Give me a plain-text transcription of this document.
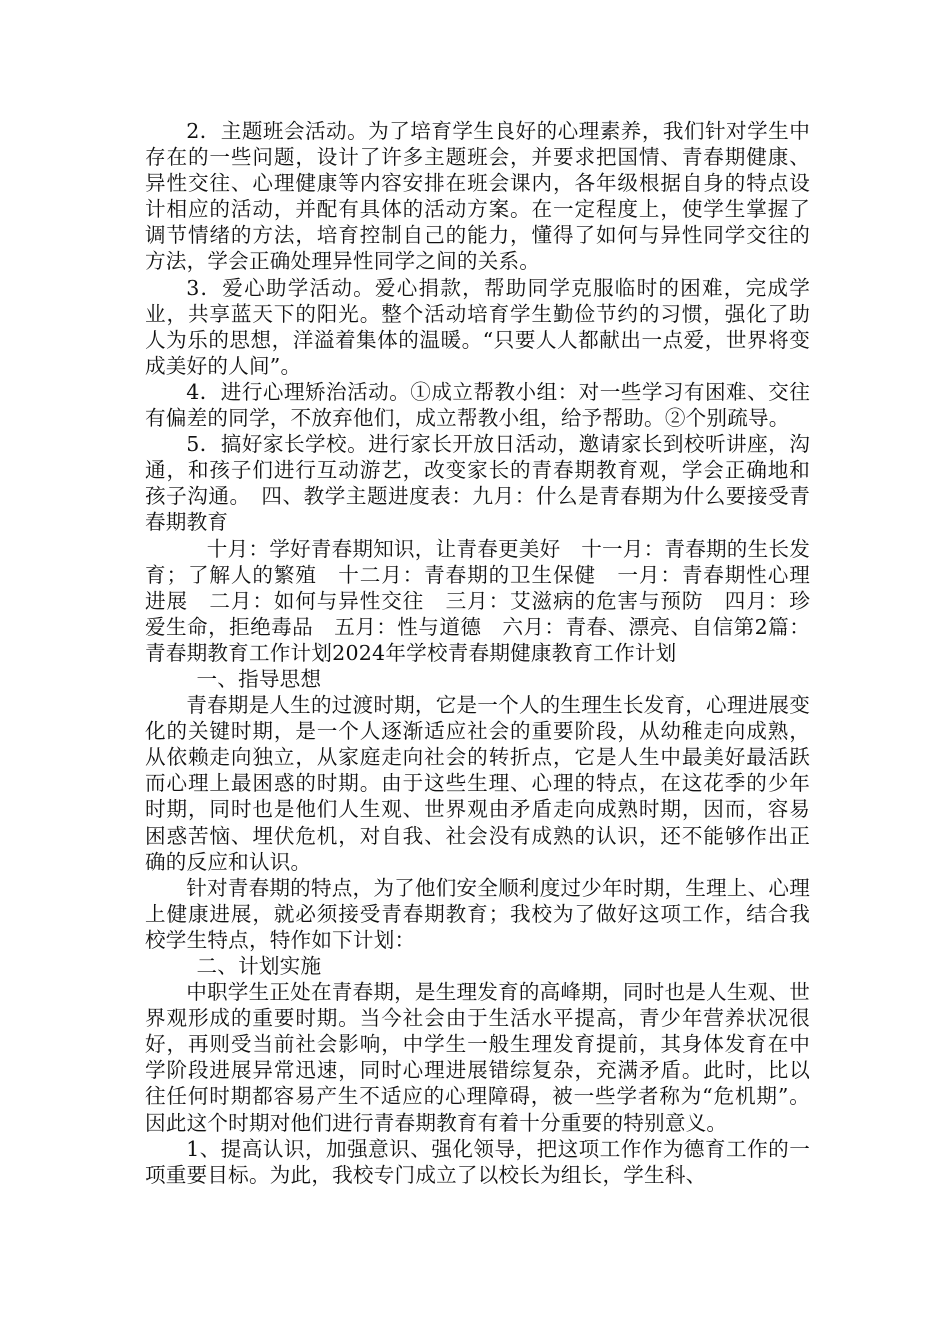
2．主题班会活动。为了培育学生良好的心理素养，我们针对学生中存在的一些问题，设计了许多主题班会，并要求把国情、青春期健康、异性交往、心理健康等内容安排在班会课内，各年级根据自身的特点设计相应的活动，并配有具体的活动方案。在一定程度上，使学生掌握了调节情绪的方法，培育控制自己的能力，懂得了如何与异性同学交往的方法，学会正确处理异性同学之间的关系。

3．爱心助学活动。爱心捐款，帮助同学克服临时的困难，完成学业，共享蓝天下的阳光。整个活动培育学生勤俭节约的习惯，强化了助人为乐的思想，洋溢着集体的温暖。“只要人人都献出一点爱，世界将变成美好的人间”。

4．进行心理矫治活动。①成立帮教小组：对一些学习有困难、交往有偏差的同学，不放弃他们，成立帮教小组，给予帮助。②个别疏导。

5．搞好家长学校。进行家长开放日活动，邀请家长到校听讲座，沟通，和孩子们进行互动游艺，改变家长的青春期教育观，学会正确地和孩子沟通。　四、教学主题进度表：九月：什么是青春期为什么要接受青春期教育

十月：学好青春期知识，让青春更美好　十一月：青春期的生长发育；了解人的繁殖　十二月：青春期的卫生保健　一月：青春期性心理进展　二月：如何与异性交往　三月：艾滋病的危害与预防　四月：珍爱生命，拒绝毒品　五月：性与道德　六月：青春、漂亮、自信第2篇：青春期教育工作计划2024年学校青春期健康教育工作计划

一、指导思想

青春期是人生的过渡时期，它是一个人的生理生长发育，心理进展变化的关键时期，是一个人逐渐适应社会的重要阶段，从幼稚走向成熟，从依赖走向独立，从家庭走向社会的转折点，它是人生中最美好最活跃而心理上最困惑的时期。由于这些生理、心理的特点，在这花季的少年时期，同时也是他们人生观、世界观由矛盾走向成熟时期，因而，容易困惑苦恼、埋伏危机，对自我、社会没有成熟的认识，还不能够作出正确的反应和认识。

针对青春期的特点，为了他们安全顺利度过少年时期，生理上、心理上健康进展，就必须接受青春期教育；我校为了做好这项工作，结合我校学生特点，特作如下计划：

二、计划实施

中职学生正处在青春期，是生理发育的高峰期，同时也是人生观、世界观形成的重要时期。当今社会由于生活水平提高，青少年营养状况很好，再则受当前社会影响，中学生一般生理发育提前，其身体发育在中学阶段进展异常迅速，同时心理进展错综复杂，充满矛盾。此时，比以往任何时期都容易产生不适应的心理障碍，被一些学者称为“危机期”。因此这个时期对他们进行青春期教育有着十分重要的特别意义。

1、提高认识，加强意识、强化领导，把这项工作作为德育工作的一项重要目标。为此，我校专门成立了以校长为组长，学生科、
